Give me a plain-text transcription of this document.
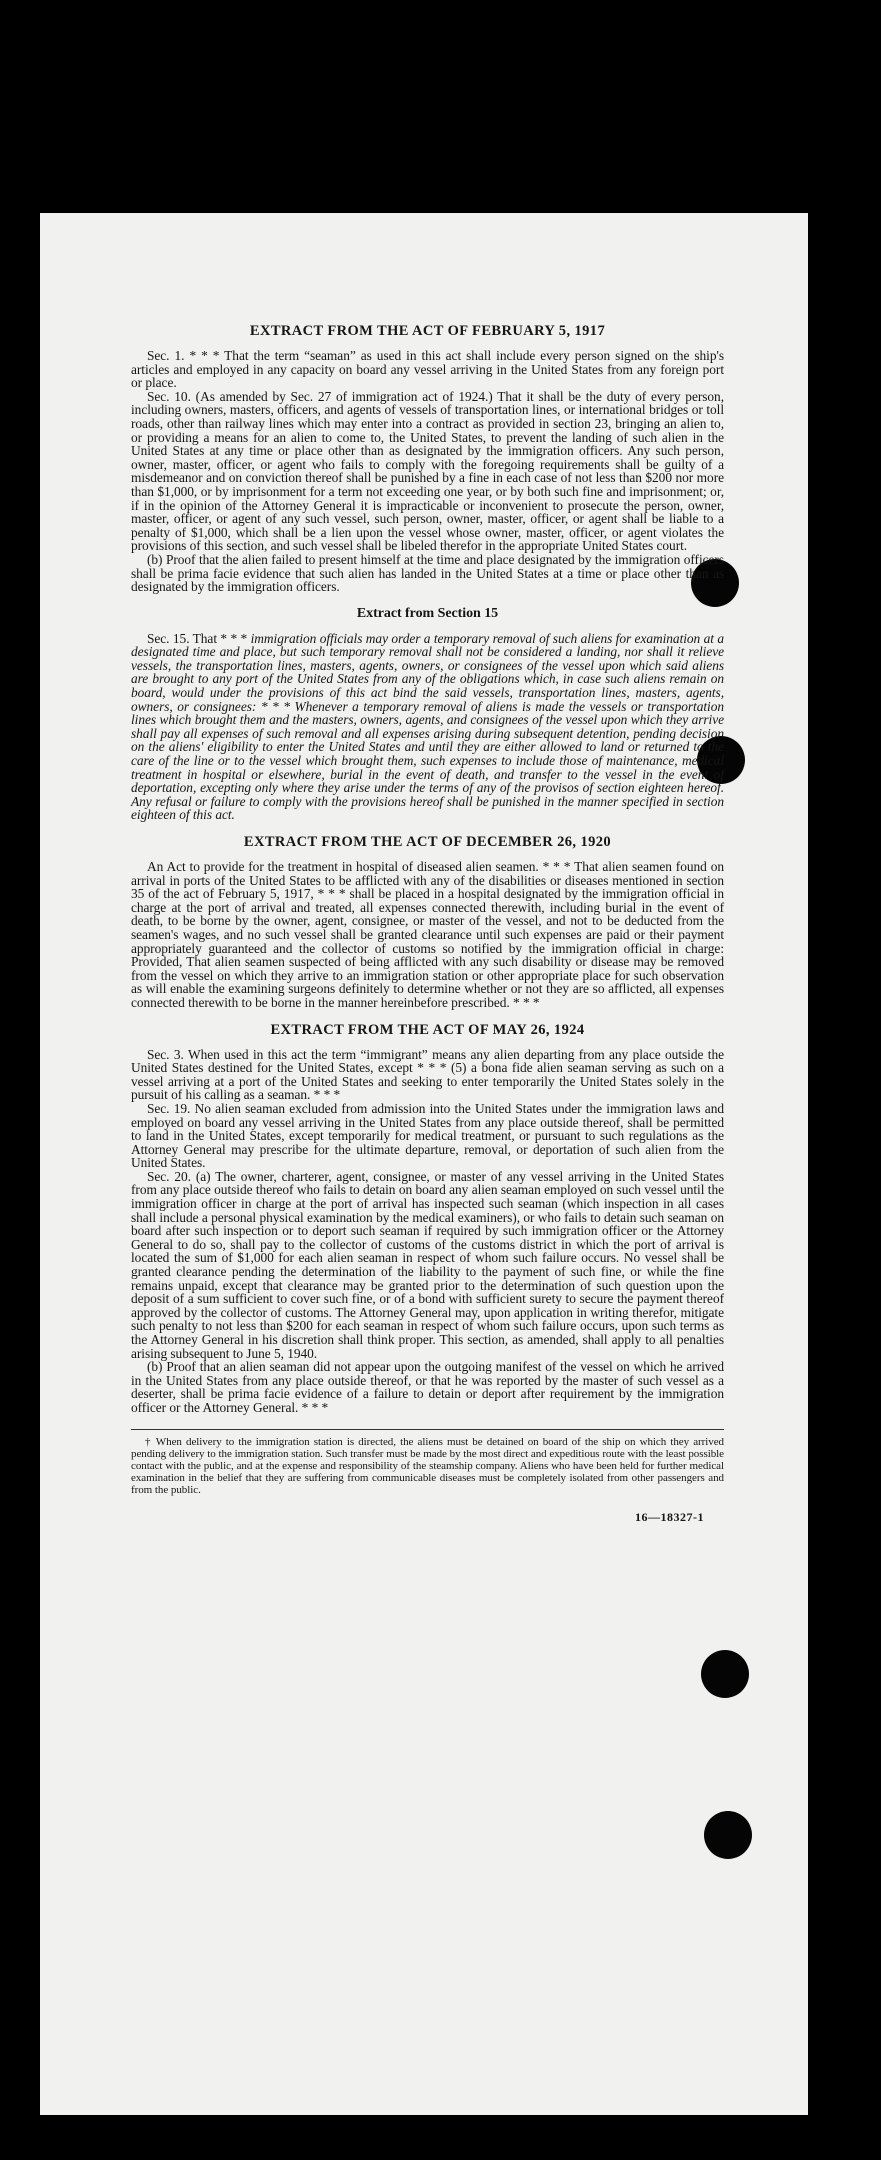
EXTRACT FROM THE ACT OF FEBRUARY 5, 1917

Sec. 1. * * * That the term “seaman” as used in this act shall include every person signed on the ship's articles and employed in any capacity on board any vessel arriving in the United States from any foreign port or place.

Sec. 10. (As amended by Sec. 27 of immigration act of 1924.) That it shall be the duty of every person, including owners, masters, officers, and agents of vessels of transportation lines, or international bridges or toll roads, other than railway lines which may enter into a contract as provided in section 23, bringing an alien to, or providing a means for an alien to come to, the United States, to prevent the landing of such alien in the United States at any time or place other than as designated by the immigration officers. Any such person, owner, master, officer, or agent who fails to comply with the foregoing requirements shall be guilty of a misdemeanor and on conviction thereof shall be punished by a fine in each case of not less than $200 nor more than $1,000, or by imprisonment for a term not exceeding one year, or by both such fine and imprisonment; or, if in the opinion of the Attorney General it is impracticable or inconvenient to prosecute the person, owner, master, officer, or agent of any such vessel, such person, owner, master, officer, or agent shall be liable to a penalty of $1,000, which shall be a lien upon the vessel whose owner, master, officer, or agent violates the provisions of this section, and such vessel shall be libeled therefor in the appropriate United States court.

(b) Proof that the alien failed to present himself at the time and place designated by the immigration officers shall be prima facie evidence that such alien has landed in the United States at a time or place other than as designated by the immigration officers.

Extract from Section 15

Sec. 15. That * * * immigration officials may order a temporary removal of such aliens for examination at a designated time and place, but such temporary removal shall not be considered a landing, nor shall it relieve vessels, the transportation lines, masters, agents, owners, or consignees of the vessel upon which said aliens are brought to any port of the United States from any of the obligations which, in case such aliens remain on board, would under the provisions of this act bind the said vessels, transportation lines, masters, agents, owners, or consignees: * * * Whenever a temporary removal of aliens is made the vessels or transportation lines which brought them and the masters, owners, agents, and consignees of the vessel upon which they arrive shall pay all expenses of such removal and all expenses arising during subsequent detention, pending decision on the aliens' eligibility to enter the United States and until they are either allowed to land or returned to the care of the line or to the vessel which brought them, such expenses to include those of maintenance, medical treatment in hospital or elsewhere, burial in the event of death, and transfer to the vessel in the event of deportation, excepting only where they arise under the terms of any of the provisos of section eighteen hereof. Any refusal or failure to comply with the provisions hereof shall be punished in the manner specified in section eighteen of this act.

EXTRACT FROM THE ACT OF DECEMBER 26, 1920

An Act to provide for the treatment in hospital of diseased alien seamen. * * * That alien seamen found on arrival in ports of the United States to be afflicted with any of the disabilities or diseases mentioned in section 35 of the act of February 5, 1917, * * * shall be placed in a hospital designated by the immigration official in charge at the port of arrival and treated, all expenses connected therewith, including burial in the event of death, to be borne by the owner, agent, consignee, or master of the vessel, and not to be deducted from the seamen's wages, and no such vessel shall be granted clearance until such expenses are paid or their payment appropriately guaranteed and the collector of customs so notified by the immigration official in charge: Provided, That alien seamen suspected of being afflicted with any such disability or disease may be removed from the vessel on which they arrive to an immigration station or other appropriate place for such observation as will enable the examining surgeons definitely to determine whether or not they are so afflicted, all expenses connected therewith to be borne in the manner hereinbefore prescribed. * * *

EXTRACT FROM THE ACT OF MAY 26, 1924

Sec. 3. When used in this act the term “immigrant” means any alien departing from any place outside the United States destined for the United States, except * * * (5) a bona fide alien seaman serving as such on a vessel arriving at a port of the United States and seeking to enter temporarily the United States solely in the pursuit of his calling as a seaman. * * *

Sec. 19. No alien seaman excluded from admission into the United States under the immigration laws and employed on board any vessel arriving in the United States from any place outside thereof, shall be permitted to land in the United States, except temporarily for medical treatment, or pursuant to such regulations as the Attorney General may prescribe for the ultimate departure, removal, or deportation of such alien from the United States.

Sec. 20. (a) The owner, charterer, agent, consignee, or master of any vessel arriving in the United States from any place outside thereof who fails to detain on board any alien seaman employed on such vessel until the immigration officer in charge at the port of arrival has inspected such seaman (which inspection in all cases shall include a personal physical examination by the medical examiners), or who fails to detain such seaman on board after such inspection or to deport such seaman if required by such immigration officer or the Attorney General to do so, shall pay to the collector of customs of the customs district in which the port of arrival is located the sum of $1,000 for each alien seaman in respect of whom such failure occurs. No vessel shall be granted clearance pending the determination of the liability to the payment of such fine, or while the fine remains unpaid, except that clearance may be granted prior to the determination of such question upon the deposit of a sum sufficient to cover such fine, or of a bond with sufficient surety to secure the payment thereof approved by the collector of customs. The Attorney General may, upon application in writing therefor, mitigate such penalty to not less than $200 for each seaman in respect of whom such failure occurs, upon such terms as the Attorney General in his discretion shall think proper. This section, as amended, shall apply to all penalties arising subsequent to June 5, 1940.

(b) Proof that an alien seaman did not appear upon the outgoing manifest of the vessel on which he arrived in the United States from any place outside thereof, or that he was reported by the master of such vessel as a deserter, shall be prima facie evidence of a failure to detain or deport after requirement by the immigration officer or the Attorney General. * * *

† When delivery to the immigration station is directed, the aliens must be detained on board of the ship on which they arrived pending delivery to the immigration station. Such transfer must be made by the most direct and expeditious route with the least possible contact with the public, and at the expense and responsibility of the steamship company. Aliens who have been held for further medical examination in the belief that they are suffering from communicable diseases must be completely isolated from other passengers and from the public.

16—18327-1
